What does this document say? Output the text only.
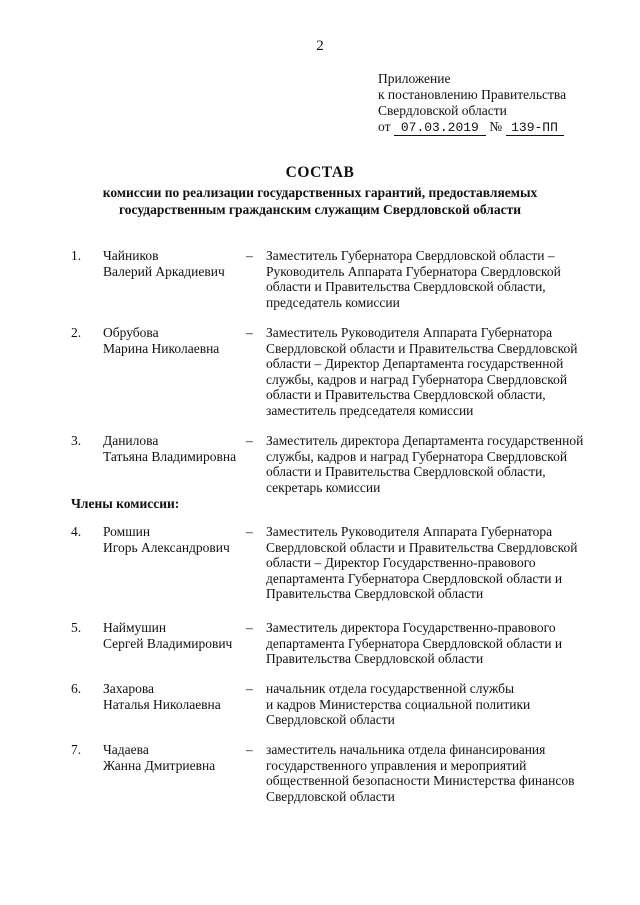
2
Приложение
к постановлению Правительства
Свердловской области
от 07.03.2019 № 139-ПП
СОСТАВ
комиссии по реализации государственных гарантий, предоставляемых
государственным гражданским служащим Свердловской области
Члены комиссии:
1. Чайников
Валерий Аркадиевич
– Заместитель Губернатора Свердловской области –
Руководитель Аппарата Губернатора Свердловской
области и Правительства Свердловской области,
председатель комиссии
2. Обрубова
Марина Николаевна
– Заместитель Руководителя Аппарата Губернатора
Свердловской области и Правительства Свердловской
области – Директор Департамента государственной
службы, кадров и наград Губернатора Свердловской
области и Правительства Свердловской области,
заместитель председателя комиссии
3. Данилова
Татьяна Владимировна
– Заместитель директора Департамента государственной
службы, кадров и наград Губернатора Свердловской
области и Правительства Свердловской области,
секретарь комиссии
4. Ромшин
Игорь Александрович
– Заместитель Руководителя Аппарата Губернатора
Свердловской области и Правительства Свердловской
области – Директор Государственно-правового
департамента Губернатора Свердловской области и
Правительства Свердловской области
5. Наймушин
Сергей Владимирович
– Заместитель директора Государственно-правового
департамента Губернатора Свердловской области и
Правительства Свердловской области
6. Захарова
Наталья Николаевна
– начальник отдела государственной службы
и кадров Министерства социальной политики
Свердловской области
7. Чадаева
Жанна Дмитриевна
– заместитель начальника отдела финансирования
государственного управления и мероприятий
общественной безопасности Министерства финансов
Свердловской области
